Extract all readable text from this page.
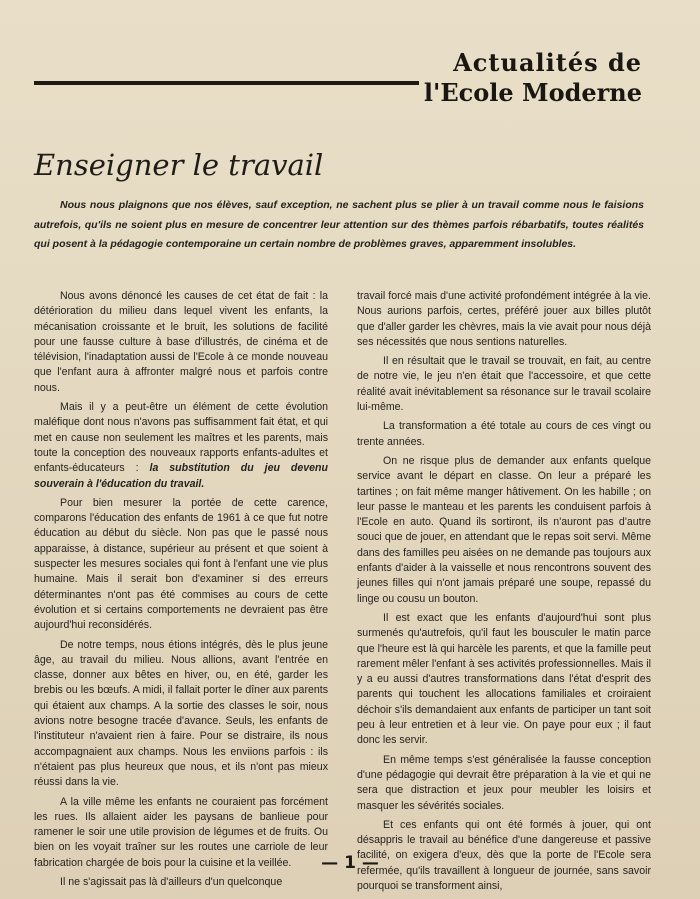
Actualités de
l'Ecole Moderne
Enseigner le travail

Nous nous plaignons que nos élèves, sauf exception, ne sachent plus se plier à un travail comme nous le faisions autrefois, qu'ils ne soient plus en mesure de concentrer leur attention sur des thèmes parfois rébarbatifs, toutes réalités qui posent à la pédagogie contemporaine un certain nombre de problèmes graves, apparemment insolubles.

Nous avons dénoncé les causes de cet état de fait : la détérioration du milieu dans lequel vivent les enfants, la mécanisation croissante et le bruit, les solutions de facilité pour une fausse culture à base d'illustrés, de cinéma et de télévision, l'inadaptation aussi de l'Ecole à ce monde nouveau que l'enfant aura à affronter malgré nous et parfois contre nous.

Mais il y a peut-être un élément de cette évolution maléfique dont nous n'avons pas suffisamment fait état, et qui met en cause non seulement les maîtres et les parents, mais toute la conception des nouveaux rapports enfants-adultes et enfants-éducateurs : la substitution du jeu devenu souverain à l'éducation du travail.

Pour bien mesurer la portée de cette carence, comparons l'éducation des enfants de 1961 à ce que fut notre éducation au début du siècle. Non pas que le passé nous apparaisse, à distance, supérieur au présent et que soient à suspecter les mesures sociales qui font à l'enfant une vie plus humaine. Mais il serait bon d'examiner si des erreurs déterminantes n'ont pas été commises au cours de cette évolution et si certains comportements ne devraient pas être aujourd'hui reconsidérés.

De notre temps, nous étions intégrés, dès le plus jeune âge, au travail du milieu. Nous allions, avant l'entrée en classe, donner aux bêtes en hiver, ou, en été, garder les brebis ou les bœufs. A midi, il fallait porter le dîner aux parents qui étaient aux champs. A la sortie des classes le soir, nous avions notre besogne tracée d'avance. Seuls, les enfants de l'instituteur n'avaient rien à faire. Pour se distraire, ils nous accompagnaient aux champs. Nous les enviions parfois : ils n'étaient pas plus heureux que nous, et ils n'ont pas mieux réussi dans la vie.

A la ville même les enfants ne couraient pas forcément les rues. Ils allaient aider les paysans de banlieue pour ramener le soir une utile provision de légumes et de fruits. Ou bien on les voyait traîner sur les routes une carriole de leur fabrication chargée de bois pour la cuisine et la veillée.

Il ne s'agissait pas là d'ailleurs d'un quelconque

travail forcé mais d'une activité profondément intégrée à la vie. Nous aurions parfois, certes, préféré jouer aux billes plutôt que d'aller garder les chèvres, mais la vie avait pour nous déjà ses nécessités que nous sentions naturelles.

Il en résultait que le travail se trouvait, en fait, au centre de notre vie, le jeu n'en était que l'accessoire, et que cette réalité avait inévitablement sa résonance sur le travail scolaire lui-même.

La transformation a été totale au cours de ces vingt ou trente années.

On ne risque plus de demander aux enfants quelque service avant le départ en classe. On leur a préparé les tartines ; on fait même manger hâtivement. On les habille ; on leur passe le manteau et les parents les conduisent parfois à l'Ecole en auto. Quand ils sortiront, ils n'auront pas d'autre souci que de jouer, en attendant que le repas soit servi. Même dans des familles peu aisées on ne demande pas toujours aux enfants d'aider à la vaisselle et nous rencontrons souvent des jeunes filles qui n'ont jamais préparé une soupe, repassé du linge ou cousu un bouton.

Il est exact que les enfants d'aujourd'hui sont plus surmenés qu'autrefois, qu'il faut les bousculer le matin parce que l'heure est là qui harcèle les parents, et que la famille peut rarement mêler l'enfant à ses activités professionnelles. Mais il y a eu aussi d'autres transformations dans l'état d'esprit des parents qui touchent les allocations familiales et croiraient déchoir s'ils demandaient aux enfants de participer un tant soit peu à leur entretien et à leur vie. On paye pour eux ; il faut donc les servir.

En même temps s'est généralisée la fausse conception d'une pédagogie qui devrait être préparation à la vie et qui ne sera que distraction et jeux pour meubler les loisirs et masquer les sévérités sociales.

Et ces enfants qui ont été formés à jouer, qui ont désappris le travail au bénéfice d'une dangereuse et passive facilité, on exigera d'eux, dès que la porte de l'Ecole sera refermée, qu'ils travaillent à longueur de journée, sans savoir pourquoi se transforment ainsi,

— 1 —
